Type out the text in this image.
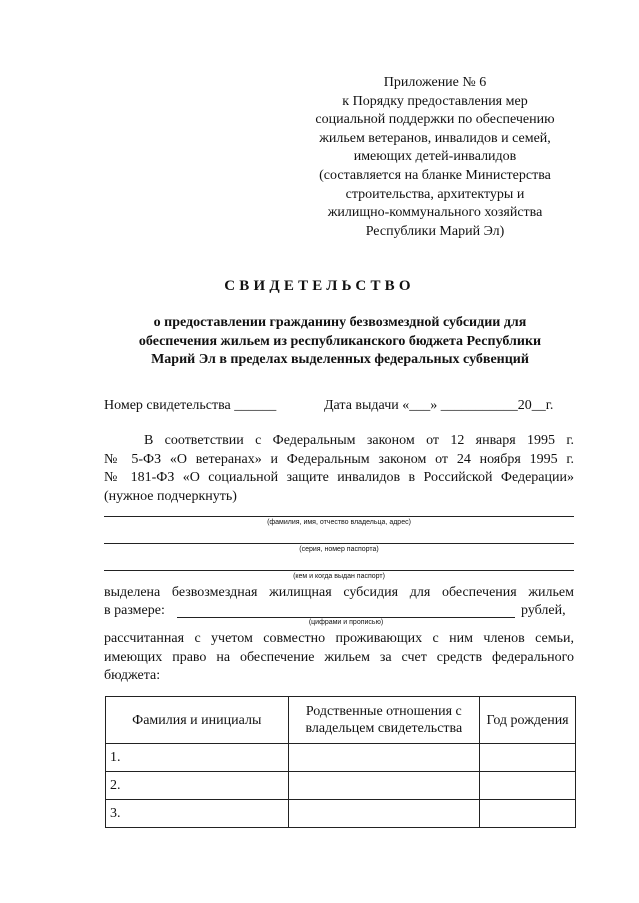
Приложение № 6
к Порядку предоставления мер
социальной поддержки по обеспечению
жильем ветеранов, инвалидов и семей,
имеющих детей-инвалидов
(составляется на бланке Министерства
строительства, архитектуры и
жилищно-коммунального хозяйства
Республики Марий Эл)
СВИДЕТЕЛЬСТВО
о предоставлении гражданину безвозмездной субсидии для
обеспечения жильем из республиканского бюджета Республики
Марий Эл в пределах выделенных федеральных субвенций
Номер свидетельства ______	Дата выдачи «___» ___________20__г.
В соответствии с Федеральным законом от 12 января 1995 г.
№ 5-ФЗ «О ветеранах» и Федеральным законом от 24 ноября 1995 г.
№ 181-ФЗ «О социальной защите инвалидов в Российской Федерации»
(нужное подчеркнуть)
(фамилия, имя, отчество владельца, адрес)
(серия, номер паспорта)
(кем и когда выдан паспорт)
выделена безвозмездная жилищная субсидия для обеспечения жильем
в размере:	рублей,
(цифрами и прописью)
рассчитанная с учетом совместно проживающих с ним членов семьи,
имеющих право на обеспечение жильем за счет средств федерального
бюджета:
Фамилия и инициалы	Родственные отношения с владельцем свидетельства	Год рождения
1.		
2.		
3.		
